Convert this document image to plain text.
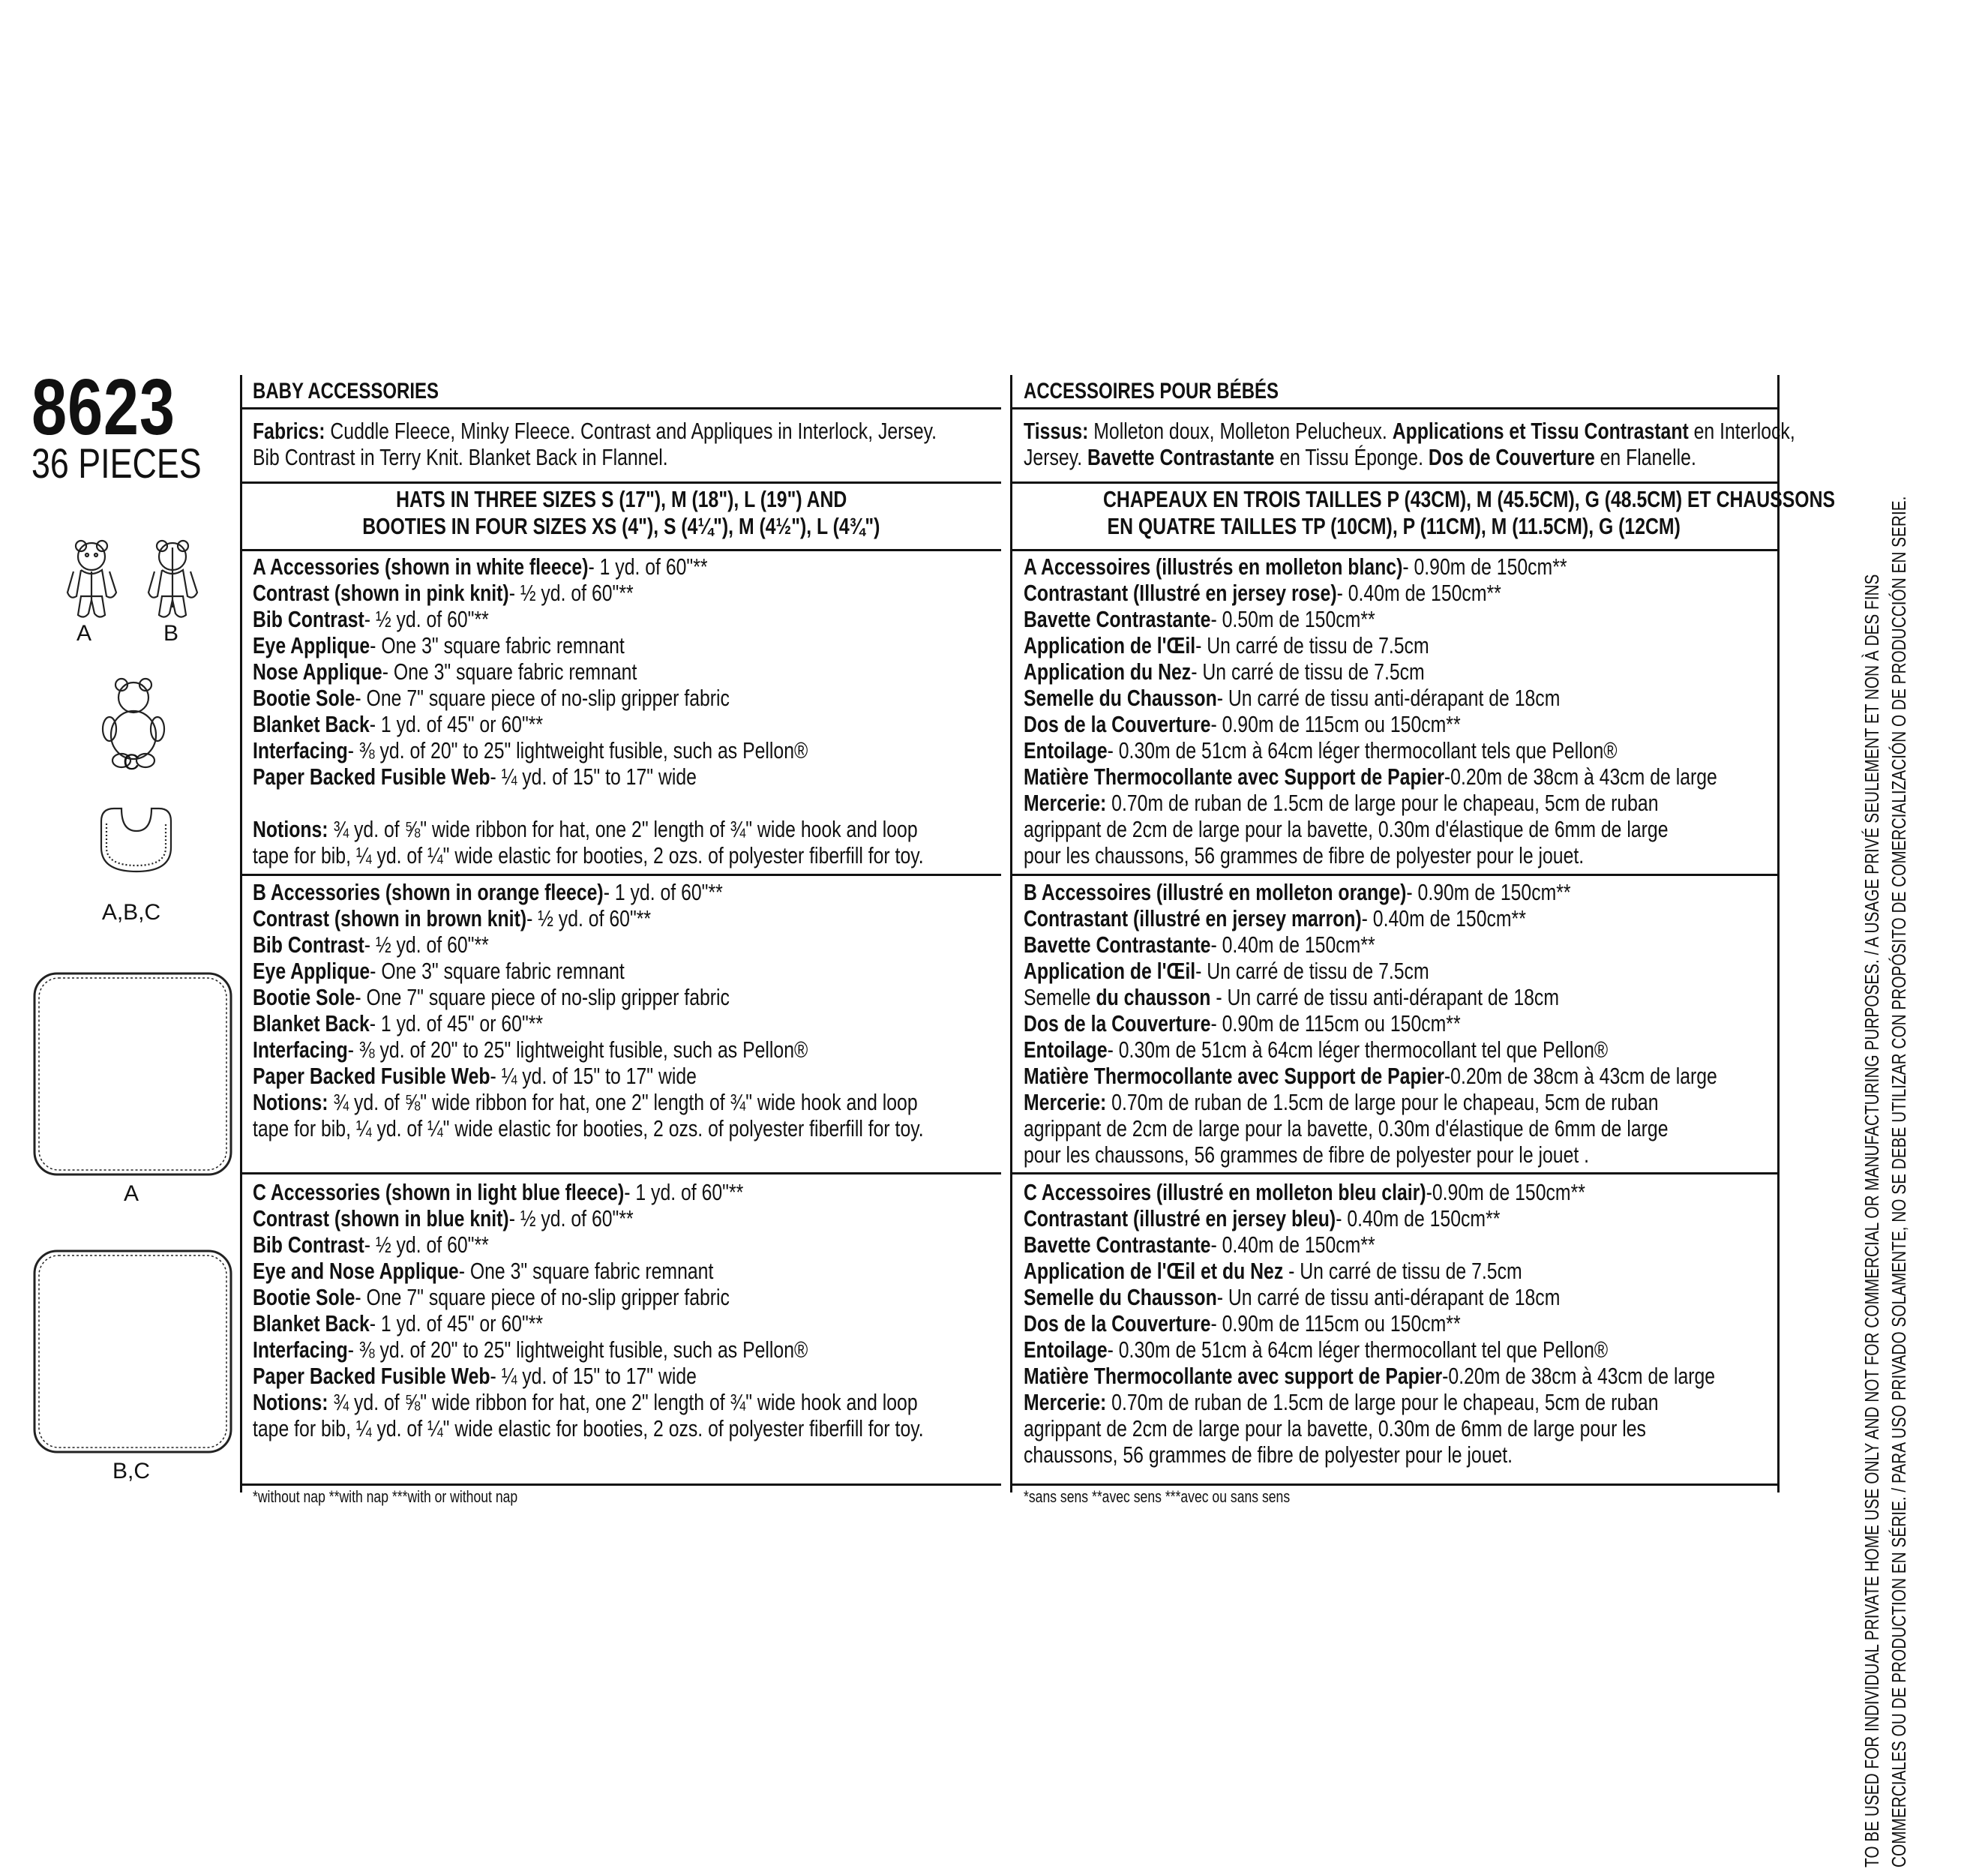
8623
36 PIECES
A	B
C
A,B,C
A
B,C
BABY ACCESSORIES
Fabrics: Cuddle Fleece, Minky Fleece. Contrast and Appliques in Interlock, Jersey.
Bib Contrast in Terry Knit. Blanket Back in Flannel.
HATS IN THREE SIZES S (17"), M (18"), L (19") AND
BOOTIES IN FOUR SIZES XS (4"), S (4¼"), M (4½"), L (4¾")
A Accessories (shown in white fleece)- 1 yd. of 60"**
Contrast (shown in pink knit)- ½ yd. of 60"**
Bib Contrast- ½ yd. of 60"**
Eye Applique- One 3" square fabric remnant
Nose Applique- One 3" square fabric remnant
Bootie Sole- One 7" square piece of no-slip gripper fabric
Blanket Back- 1 yd. of 45" or 60"**
Interfacing- ⅜ yd. of 20" to 25" lightweight fusible, such as Pellon®
Paper Backed Fusible Web- ¼ yd. of 15" to 17" wide
Notions: ¾ yd. of ⅝" wide ribbon for hat, one 2" length of ¾" wide hook and loop
tape for bib, ¼ yd. of ¼" wide elastic for booties, 2 ozs. of polyester fiberfill for toy.
B Accessories (shown in orange fleece)- 1 yd. of 60"**
Contrast (shown in brown knit)- ½ yd. of 60"**
Bib Contrast- ½ yd. of 60"**
Eye Applique- One 3" square fabric remnant
Bootie Sole- One 7" square piece of no-slip gripper fabric
Blanket Back- 1 yd. of 45" or 60"**
Interfacing- ⅜ yd. of 20" to 25" lightweight fusible, such as Pellon®
Paper Backed Fusible Web- ¼ yd. of 15" to 17" wide
Notions: ¾ yd. of ⅝" wide ribbon for hat, one 2" length of ¾" wide hook and loop
tape for bib, ¼ yd. of ¼" wide elastic for booties, 2 ozs. of polyester fiberfill for toy.
C Accessories (shown in light blue fleece)- 1 yd. of 60"**
Contrast (shown in blue knit)- ½ yd. of 60"**
Bib Contrast- ½ yd. of 60"**
Eye and Nose Applique- One 3" square fabric remnant
Bootie Sole- One 7" square piece of no-slip gripper fabric
Blanket Back- 1 yd. of 45" or 60"**
Interfacing- ⅜ yd. of 20" to 25" lightweight fusible, such as Pellon®
Paper Backed Fusible Web- ¼ yd. of 15" to 17" wide
Notions: ¾ yd. of ⅝" wide ribbon for hat, one 2" length of ¾" wide hook and loop
tape for bib, ¼ yd. of ¼" wide elastic for booties, 2 ozs. of polyester fiberfill for toy.
*without nap **with nap ***with or without nap
ACCESSOIRES POUR BÉBÉS
Tissus: Molleton doux, Molleton Pelucheux. Applications et Tissu Contrastant en Interlock,
Jersey. Bavette Contrastante en Tissu Éponge. Dos de Couverture en Flanelle.
CHAPEAUX EN TROIS TAILLES P (43CM), M (45.5CM), G (48.5CM) ET CHAUSSONS
EN QUATRE TAILLES TP (10CM), P (11CM), M (11.5CM), G (12CM)
A Accessoires (illustrés en molleton blanc)- 0.90m de 150cm**
Contrastant (Illustré en jersey rose)- 0.40m de 150cm**
Bavette Contrastante- 0.50m de 150cm**
Application de l'Œil- Un carré de tissu de 7.5cm
Application du Nez- Un carré de tissu de 7.5cm
Semelle du Chausson- Un carré de tissu anti-dérapant de 18cm
Dos de la Couverture- 0.90m de 115cm ou 150cm**
Entoilage- 0.30m de 51cm à 64cm léger thermocollant tels que Pellon®
Matière Thermocollante avec Support de Papier-0.20m de 38cm à 43cm de large
Mercerie: 0.70m de ruban de 1.5cm de large pour le chapeau, 5cm de ruban
agrippant de 2cm de large pour la bavette, 0.30m d'élastique de 6mm de large
pour les chaussons, 56 grammes de fibre de polyester pour le jouet.
B Accessoires (illustré en molleton orange)- 0.90m de 150cm**
Contrastant (illustré en jersey marron)- 0.40m de 150cm**
Bavette Contrastante- 0.40m de 150cm**
Application de l'Œil- Un carré de tissu de 7.5cm
Semelle du chausson - Un carré de tissu anti-dérapant de 18cm
Dos de la Couverture- 0.90m de 115cm ou 150cm**
Entoilage- 0.30m de 51cm à 64cm léger thermocollant tel que Pellon®
Matière Thermocollante avec Support de Papier-0.20m de 38cm à 43cm de large
Mercerie: 0.70m de ruban de 1.5cm de large pour le chapeau, 5cm de ruban
agrippant de 2cm de large pour la bavette, 0.30m d'élastique de 6mm de large
pour les chaussons, 56 grammes de fibre de polyester pour le jouet .
C Accessoires (illustré en molleton bleu clair)-0.90m de 150cm**
Contrastant (illustré en jersey bleu)- 0.40m de 150cm**
Bavette Contrastante- 0.40m de 150cm**
Application de l'Œil et du Nez - Un carré de tissu de 7.5cm
Semelle du Chausson- Un carré de tissu anti-dérapant de 18cm
Dos de la Couverture- 0.90m de 115cm ou 150cm**
Entoilage- 0.30m de 51cm à 64cm léger thermocollant tel que Pellon®
Matière Thermocollante avec support de Papier-0.20m de 38cm à 43cm de large
Mercerie: 0.70m de ruban de 1.5cm de large pour le chapeau, 5cm de ruban
agrippant de 2cm de large pour la bavette, 0.30m de 6mm de large pour les
chaussons, 56 grammes de fibre de polyester pour le jouet.
*sans sens **avec sens ***avec ou sans sens	TO BE USED FOR INDIVIDUAL PRIVATE HOME USE ONLY AND NOT FOR COMMERCIAL OR MANUFACTURING PURPOSES. / A USAGE PRIVÉ SEULEMENT ET NON À DES FINS COMMERCIALES OU DE PRODUCTION EN SÉRIE. / PARA USO PRIVADO SOLAMENTE, NO SE DEBE UTILIZAR CON PROPÓSITO DE COMERCIALIZACIÓN O DE PRODUCCIÓN EN SERIE.
